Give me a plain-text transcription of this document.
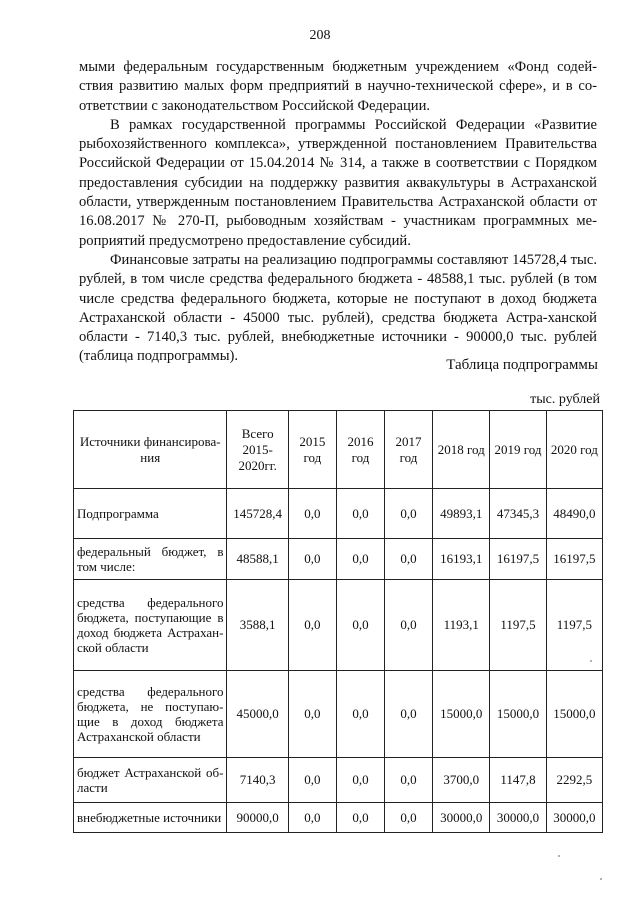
208

мыми федеральным государственным бюджетным учреждением «Фонд содей-ствия развитию малых форм предприятий в научно-технической сфере», и в со-ответствии с законодательством Российской Федерации.

В рамках государственной программы Российской Федерации «Развитие рыбохозяйственного комплекса», утвержденной постановлением Правительства Российской Федерации от 15.04.2014 № 314, а также в соответствии с Порядком предоставления субсидии на поддержку развития аквакультуры в Астраханской области, утвержденным постановлением Правительства Астраханской области от 16.08.2017 № 270-П, рыбоводным хозяйствам - участникам программных ме-роприятий предусмотрено предоставление субсидий.

Финансовые затраты на реализацию подпрограммы составляют 145728,4 тыс. рублей, в том числе средства федерального бюджета - 48588,1 тыс. рублей (в том числе средства федерального бюджета, которые не поступают в доход бюджета Астраханской области - 45000 тыс. рублей), средства бюджета Астра-ханской области - 7140,3 тыс. рублей, внебюджетные источники - 90000,0 тыс. рублей (таблица подпрограммы).

Таблица подпрограммы
тыс. рублей
Источники финансирова-ния	Всего 2015-2020гг.	2015 год	2016 год	2017 год	2018 год	2019 год	2020 год
Подпрограмма	145728,4	0,0	0,0	0,0	49893,1	47345,3	48490,0
федеральный бюджет, в том числе:	48588,1	0,0	0,0	0,0	16193,1	16197,5	16197,5
средства федерального бюджета, поступающие в доход бюджета Астрахан-ской области	3588,1	0,0	0,0	0,0	1193,1	1197,5	1197,5
средства федерального бюджета, не поступаю-щие в доход бюджета Астраханской области	45000,0	0,0	0,0	0,0	15000,0	15000,0	15000,0
бюджет Астраханской об-ласти	7140,3	0,0	0,0	0,0	3700,0	1147,8	2292,5
внебюджетные источники	90000,0	0,0	0,0	0,0	30000,0	30000,0	30000,0
